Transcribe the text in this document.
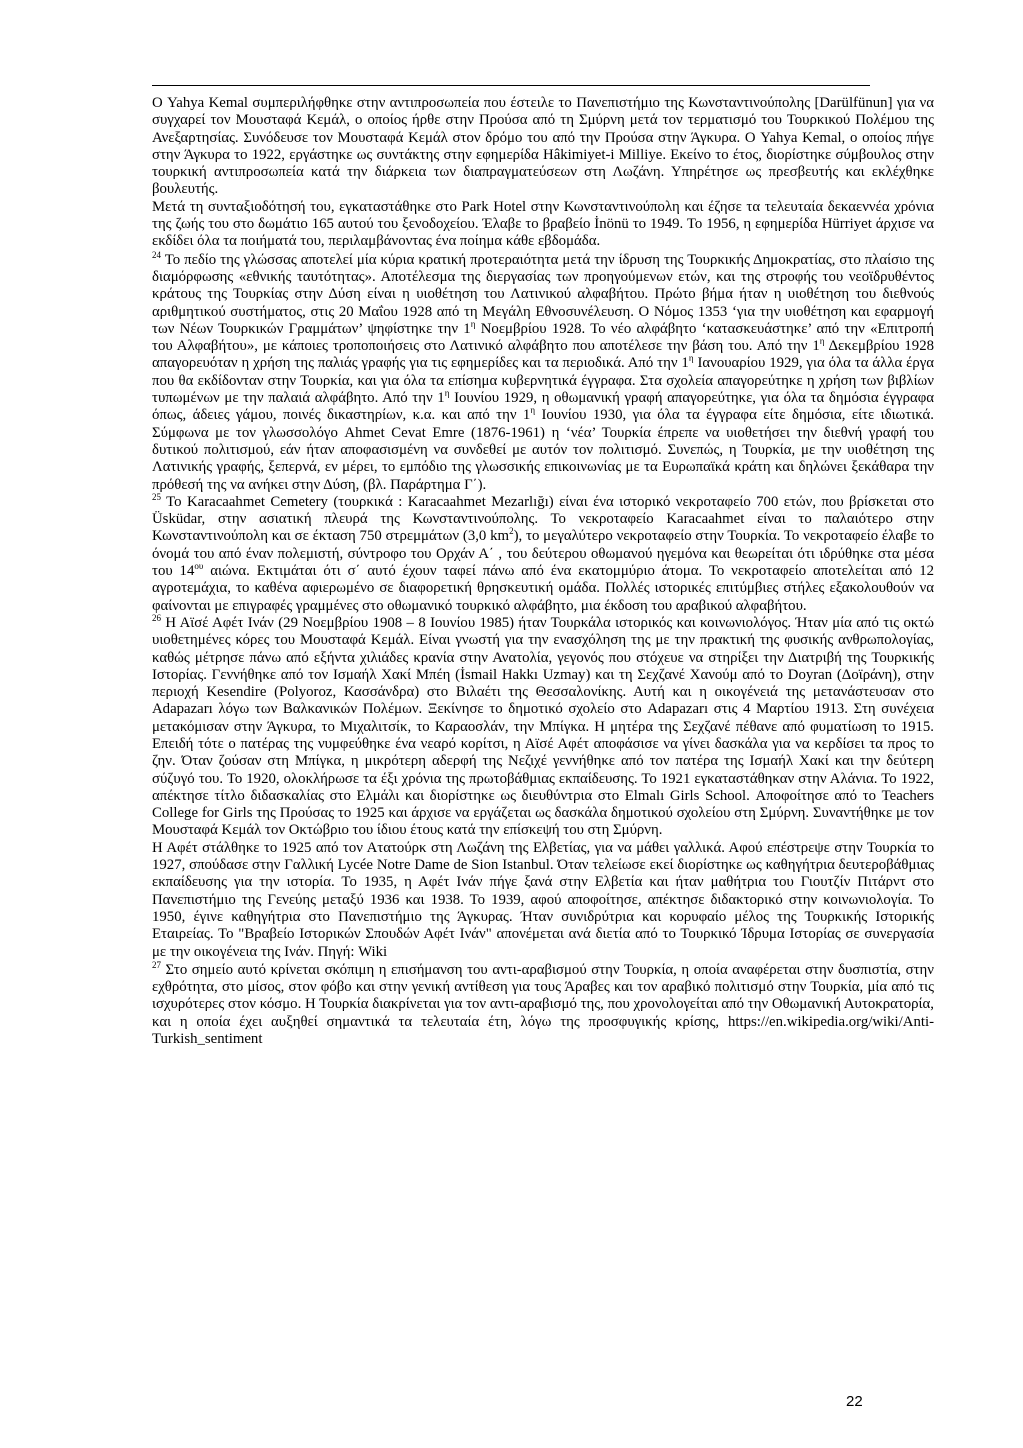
Ο Yahya Kemal συμπεριλήφθηκε στην αντιπροσωπεία που έστειλε το Πανεπιστήμιο της Κωνσταντινούπολης [Darülfünun] για να συγχαρεί τον Μουσταφά Κεμάλ, ο οποίος ήρθε στην Προύσα από τη Σμύρνη μετά τον τερματισμό του Τουρκικού Πολέμου της Ανεξαρτησίας. Συνόδευσε τον Μουσταφά Κεμάλ στον δρόμο του από την Προύσα στην Άγκυρα. Ο Yahya Kemal, ο οποίος πήγε στην Άγκυρα το 1922, εργάστηκε ως συντάκτης στην εφημερίδα Hâkimiyet-i Milliye. Εκείνο το έτος, διορίστηκε σύμβουλος στην τουρκική αντιπροσωπεία κατά την διάρκεια των διαπραγματεύσεων στη Λωζάνη. Υπηρέτησε ως πρεσβευτής και εκλέχθηκε βουλευτής.

Μετά τη συνταξιοδότησή του, εγκαταστάθηκε στο Park Hotel στην Κωνσταντινούπολη και έζησε τα τελευταία δεκαεννέα χρόνια της ζωής του στο δωμάτιο 165 αυτού του ξενοδοχείου. Έλαβε το βραβείο İnönü το 1949. Το 1956, η εφημερίδα Hürriyet άρχισε να εκδίδει όλα τα ποιήματά του, περιλαμβάνοντας ένα ποίημα κάθε εβδομάδα.

$^{24}$ Το πεδίο της γλώσσας αποτελεί μία κύρια κρατική προτεραιότητα μετά την ίδρυση της Τουρκικής Δημοκρατίας, στο πλαίσιο της διαμόρφωσης «εθνικής ταυτότητας». Αποτέλεσμα της διεργασίας των προηγούμενων ετών, και της στροφής του νεοϊδρυθέντος κράτους της Τουρκίας στην Δύση είναι η υιοθέτηση του Λατινικού αλφαβήτου. Πρώτο βήμα ήταν η υιοθέτηση του διεθνούς αριθμητικού συστήματος, στις 20 Μαΐου 1928 από τη Μεγάλη Εθνοσυνέλευση. Ο Νόμος 1353 ‘για την υιοθέτηση και εφαρμογή των Νέων Τουρκικών Γραμμάτων’ ψηφίστηκε την $1^\eta$ Νοεμβρίου 1928. Το νέο αλφάβητο ‘κατασκευάστηκε’ από την «Επιτροπή του Αλφαβήτου», με κάποιες τροποποιήσεις στο Λατινικό αλφάβητο που αποτέλεσε την βάση του. Από την $1^\eta$ Δεκεμβρίου 1928 απαγορευόταν η χρήση της παλιάς γραφής για τις εφημερίδες και τα περιοδικά. Από την $1^\eta$ Ιανουαρίου 1929, για όλα τα άλλα έργα που θα εκδίδονταν στην Τουρκία, και για όλα τα επίσημα κυβερνητικά έγγραφα. Στα σχολεία απαγορεύτηκε η χρήση των βιβλίων τυπωμένων με την παλαιά αλφάβητο. Από την $1^\eta$ Ιουνίου 1929, η οθωμανική γραφή απαγορεύτηκε, για όλα τα δημόσια έγγραφα όπως, άδειες γάμου, ποινές δικαστηρίων, κ.α. και από την $1^\eta$ Ιουνίου 1930, για όλα τα έγγραφα είτε δημόσια, είτε ιδιωτικά. Σύμφωνα με τον γλωσσολόγο Ahmet Cevat Emre (1876-1961) η ‘νέα’ Τουρκία έπρεπε να υιοθετήσει την διεθνή γραφή του δυτικού πολιτισμού, εάν ήταν αποφασισμένη να συνδεθεί με αυτόν τον πολιτισμό. Συνεπώς, η Τουρκία, με την υιοθέτηση της Λατινικής γραφής, ξεπερνά, εν μέρει, το εμπόδιο της γλωσσικής επικοινωνίας με τα Ευρωπαϊκά κράτη και δηλώνει ξεκάθαρα την πρόθεσή της να ανήκει στην Δύση, (βλ. Παράρτημα Γ΄).

$^{25}$ Το Karacaahmet Cemetery (τουρκικά : Karacaahmet Mezarlığı) είναι ένα ιστορικό νεκροταφείο 700 ετών, που βρίσκεται στο Üsküdar, στην ασιατική πλευρά της Κωνσταντινούπολης. Το νεκροταφείο Karacaahmet είναι το παλαιότερο στην Κωνσταντινούπολη και σε έκταση 750 στρεμμάτων (3,0 $km^2$), το μεγαλύτερο νεκροταφείο στην Τουρκία. Το νεκροταφείο έλαβε το όνομά του από έναν πολεμιστή, σύντροφο του Ορχάν Α΄ , του δεύτερου οθωμανού ηγεμόνα και θεωρείται ότι ιδρύθηκε στα μέσα του $14^{o\upsilon}$ αιώνα. Εκτιμάται ότι σ΄ αυτό έχουν ταφεί πάνω από ένα εκατομμύριο άτομα. Το νεκροταφείο αποτελείται από 12 αγροτεμάχια, το καθένα αφιερωμένο σε διαφορετική θρησκευτική ομάδα. Πολλές ιστορικές επιτύμβιες στήλες εξακολουθούν να φαίνονται με επιγραφές γραμμένες στο οθωμανικό τουρκικό αλφάβητο, μια έκδοση του αραβικού αλφαβήτου.

$^{26}$ Η Αϊσέ Αφέτ Ινάν (29 Νοεμβρίου 1908 – 8 Ιουνίου 1985) ήταν Τουρκάλα ιστορικός και κοινωνιολόγος. Ήταν μία από τις οκτώ υιοθετημένες κόρες του Μουσταφά Κεμάλ. Είναι γνωστή για την ενασχόληση της με την πρακτική της φυσικής ανθρωπολογίας, καθώς μέτρησε πάνω από εξήντα χιλιάδες κρανία στην Ανατολία, γεγονός που στόχευε να στηρίξει την Διατριβή της Τουρκικής Ιστορίας. Γεννήθηκε από τον Ισμαήλ Χακί Μπέη (İsmail Hakkı Uzmay) και τη Σεχζανέ Χανούμ από το Doyran (Δοϊράνη), στην περιοχή Kesendire (Polyoroz, Κασσάνδρα) στο Βιλαέτι της Θεσσαλονίκης. Αυτή και η οικογένειά της μετανάστευσαν στο Adapazarı λόγω των Βαλκανικών Πολέμων. Ξεκίνησε το δημοτικό σχολείο στο Adapazarı στις 4 Μαρτίου 1913. Στη συνέχεια μετακόμισαν στην Άγκυρα, το Μιχαλιτσίκ, το Καραοσλάν, την Μπίγκα. Η μητέρα της Σεχζανέ πέθανε από φυματίωση το 1915. Επειδή τότε ο πατέρας της νυμφεύθηκε ένα νεαρό κορίτσι, η Αϊσέ Αφέτ αποφάσισε να γίνει δασκάλα για να κερδίσει τα προς το ζην. Όταν ζούσαν στη Μπίγκα, η μικρότερη αδερφή της Νεζιχέ γεννήθηκε από τον πατέρα της Ισμαήλ Χακί και την δεύτερη σύζυγό του. Το 1920, ολοκλήρωσε τα έξι χρόνια της πρωτοβάθμιας εκπαίδευσης. Το 1921 εγκαταστάθηκαν στην Αλάνια. Το 1922, απέκτησε τίτλο διδασκαλίας στο Ελμάλι και διορίστηκε ως διευθύντρια στο Elmalı Girls School. Αποφοίτησε από το Teachers College for Girls της Προύσας το 1925 και άρχισε να εργάζεται ως δασκάλα δημοτικού σχολείου στη Σμύρνη. Συναντήθηκε με τον Μουσταφά Κεμάλ τον Οκτώβριο του ίδιου έτους κατά την επίσκεψή του στη Σμύρνη.

Η Αφέτ στάλθηκε το 1925 από τον Ατατούρκ στη Λωζάνη της Ελβετίας, για να μάθει γαλλικά. Αφού επέστρεψε στην Τουρκία το 1927, σπούδασε στην Γαλλική Lycée Notre Dame de Sion Istanbul. Όταν τελείωσε εκεί διορίστηκε ως καθηγήτρια δευτεροβάθμιας εκπαίδευσης για την ιστορία. Το 1935, η Αφέτ Ινάν πήγε ξανά στην Ελβετία και ήταν μαθήτρια του Γιουτζίν Πιτάρντ στο Πανεπιστήμιο της Γενεύης μεταξύ 1936 και 1938. Το 1939, αφού αποφοίτησε, απέκτησε διδακτορικό στην κοινωνιολογία. Το 1950, έγινε καθηγήτρια στο Πανεπιστήμιο της Άγκυρας. Ήταν συνιδρύτρια και κορυφαίο μέλος της Τουρκικής Ιστορικής Εταιρείας. Το "Βραβείο Ιστορικών Σπουδών Αφέτ Ινάν" απονέμεται ανά διετία από το Τουρκικό Ίδρυμα Ιστορίας σε συνεργασία με την οικογένεια της Ινάν. Πηγή: Wiki

$^{27}$ Στο σημείο αυτό κρίνεται σκόπιμη η επισήμανση του αντι-αραβισμού στην Τουρκία, η οποία αναφέρεται στην δυσπιστία, στην εχθρότητα, στο μίσος, στον φόβο και στην γενική αντίθεση για τους Άραβες και τον αραβικό πολιτισμό στην Τουρκία, μία από τις ισχυρότερες στον κόσμο. Η Τουρκία διακρίνεται για τον αντι-αραβισμό της, που χρονολογείται από την Οθωμανική Αυτοκρατορία, και η οποία έχει αυξηθεί σημαντικά τα τελευταία έτη, λόγω της προσφυγικής κρίσης, https://en.wikipedia.org/wiki/Anti-Turkish_sentiment

22
